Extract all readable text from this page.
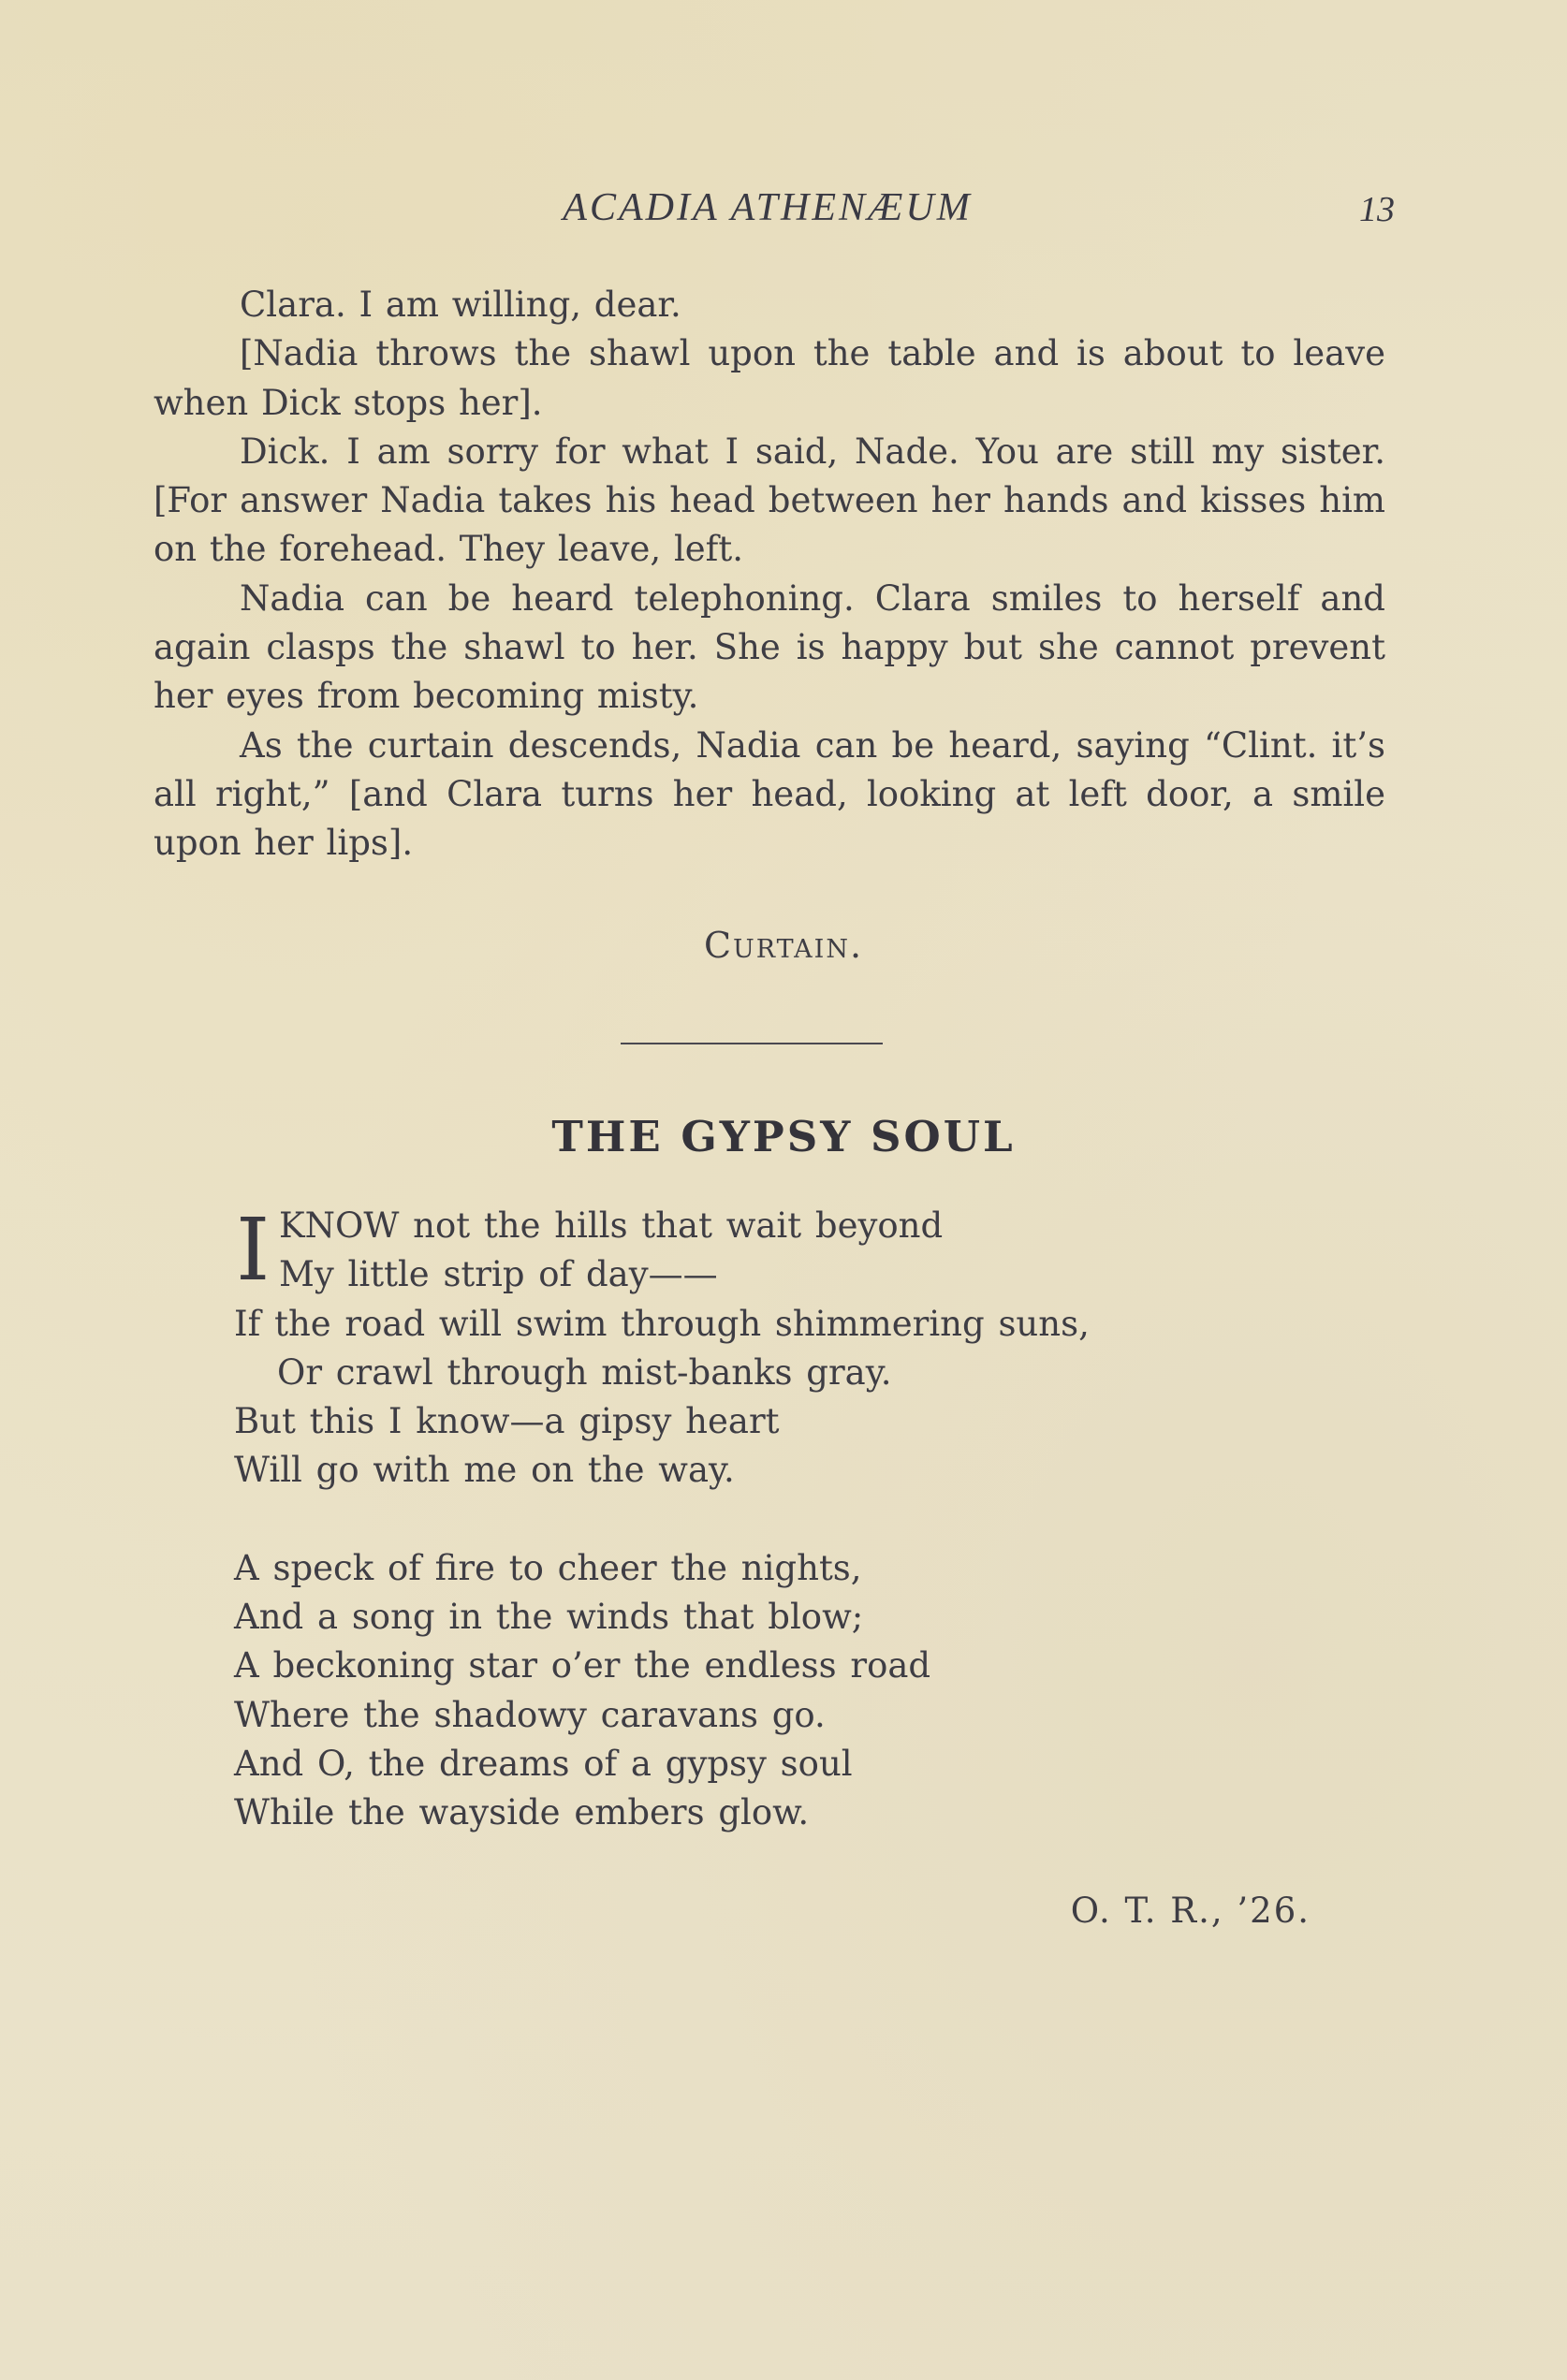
ACADIA ATHENÆUM	13

Clara. I am willing, dear.

[Nadia throws the shawl upon the table and is about to leave when Dick stops her].

Dick. I am sorry for what I said, Nade. You are still my sister. [For answer Nadia takes his head between her hands and kisses him on the forehead. They leave, left.

Nadia can be heard telephoning. Clara smiles to herself and again clasps the shawl to her. She is happy but she cannot prevent her eyes from becoming misty.

As the curtain descends, Nadia can be heard, saying “Clint. it’s all right,” [and Clara turns her head, looking at left door, a smile upon her lips].

Curtain.
THE GYPSY SOUL
I KNOW not the hills that wait beyond
My little strip of day——
If the road will swim through shimmering suns,
Or crawl through mist-banks gray.
But this I know—a gipsy heart
Will go with me on the way.
A speck of fire to cheer the nights,
And a song in the winds that blow;
A beckoning star o’er the endless road
Where the shadowy caravans go.
And O, the dreams of a gypsy soul
While the wayside embers glow.
O. T. R., ’26.
